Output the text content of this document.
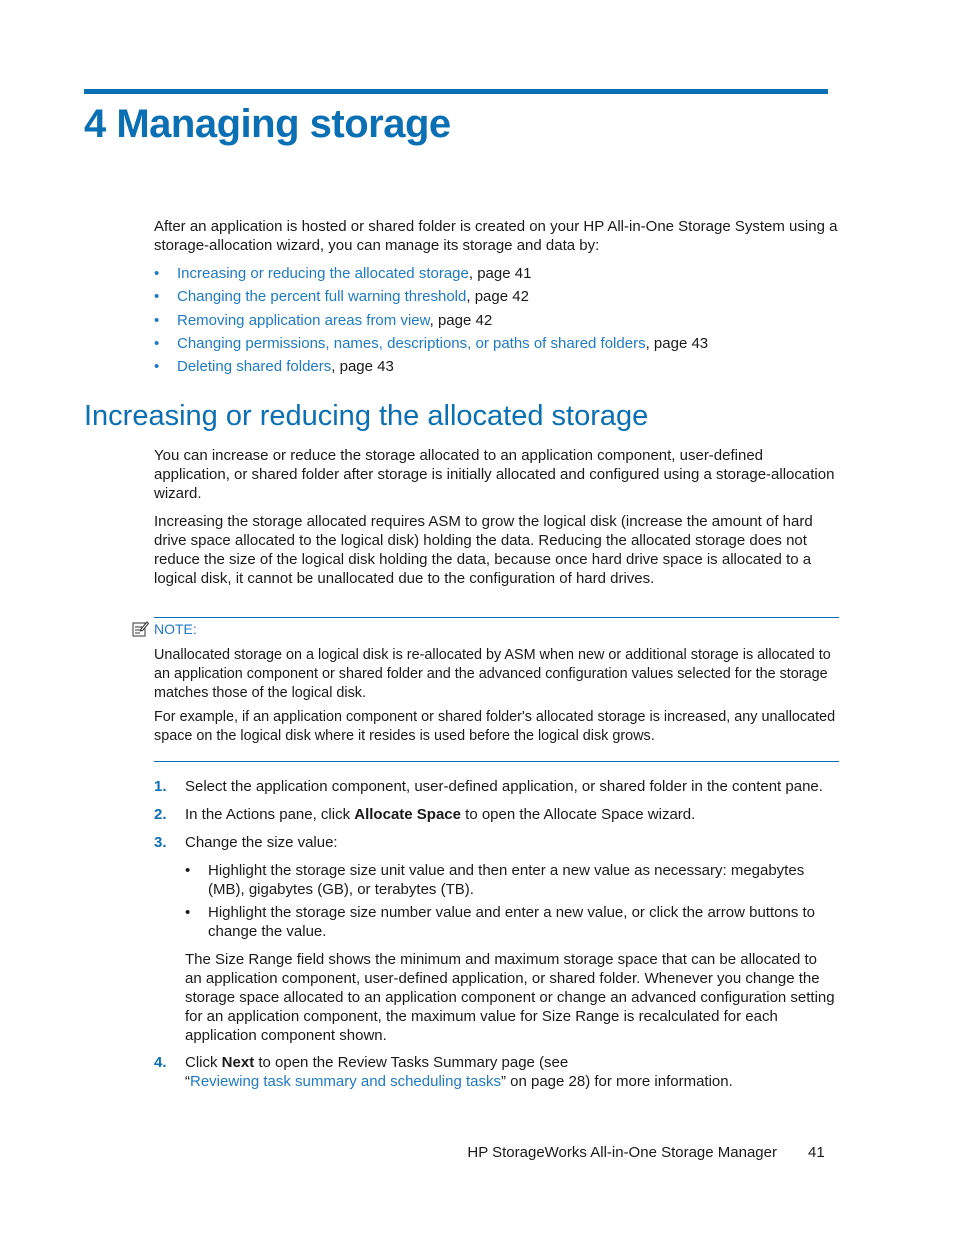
4 Managing storage

After an application is hosted or shared folder is created on your HP All-in-One Storage System using a storage-allocation wizard, you can manage its storage and data by:

• Increasing or reducing the allocated storage, page 41
• Changing the percent full warning threshold, page 42
• Removing application areas from view, page 42
• Changing permissions, names, descriptions, or paths of shared folders, page 43
• Deleting shared folders, page 43
Increasing or reducing the allocated storage

You can increase or reduce the storage allocated to an application component, user-defined application, or shared folder after storage is initially allocated and configured using a storage-allocation wizard.

Increasing the storage allocated requires ASM to grow the logical disk (increase the amount of hard drive space allocated to the logical disk) holding the data. Reducing the allocated storage does not reduce the size of the logical disk holding the data, because once hard drive space is allocated to a logical disk, it cannot be unallocated due to the configuration of hard drives.

NOTE:

Unallocated storage on a logical disk is re-allocated by ASM when new or additional storage is allocated to an application component or shared folder and the advanced configuration values selected for the storage matches those of the logical disk.

For example, if an application component or shared folder's allocated storage is increased, any unallocated space on the logical disk where it resides is used before the logical disk grows.

1. Select the application component, user-defined application, or shared folder in the content pane.
2. In the Actions pane, click Allocate Space to open the Allocate Space wizard.
3. Change the size value:
• Highlight the storage size unit value and then enter a new value as necessary: megabytes (MB), gigabytes (GB), or terabytes (TB).
• Highlight the storage size number value and enter a new value, or click the arrow buttons to change the value.

The Size Range field shows the minimum and maximum storage space that can be allocated to an application component, user-defined application, or shared folder. Whenever you change the storage space allocated to an application component or change an advanced configuration setting for an application component, the maximum value for Size Range is recalculated for each application component shown.

4. Click Next to open the Review Tasks Summary page (see
“Reviewing task summary and scheduling tasks” on page 28) for more information.
HP StorageWorks All-in-One Storage Manager 41
